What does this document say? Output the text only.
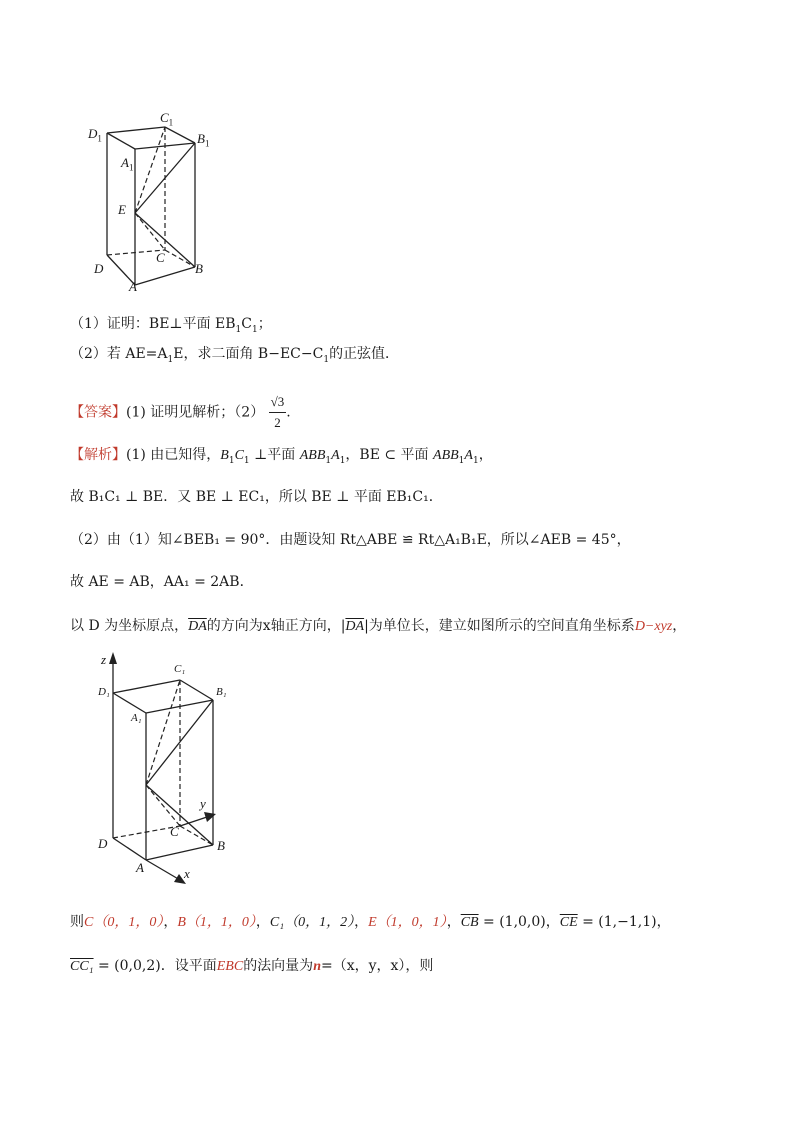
$D_1$
$C_1$
$B_1$
$A_1$
E
C
D	B
A
（1）证明：BE⊥平面 $EB_1C_1$；
（2）若 $AE=A_1E$，求二面角 $B-EC-C_1$的正弦值．
【答案】(1) 证明见解析；$(2) \frac{√3}{2}$ .
【解析】(1) 由已知得，$B_1C_1$ ⊥平面 $ABB_1A_1$，BE ⊂ 平面 $ABB_1A_1$，
故 B₁C₁ ⊥ BE．又 BE ⊥ EC₁，所以 BE ⊥ 平面 EB₁C₁．
（2）由（1）知∠BEB₁ = 90°．由题设知 Rt△ABE ≌ Rt△A₁B₁E，所以∠AEB = 45°，
故 AE = AB，AA₁ = 2AB．
以 D 为坐标原点，$\overline{DA}$的方向为x轴正方向，$|\overline{DA}|$为单位长，建立如图所示的空间直角坐标系D−xyz，
z
C₁
D₁	B₁
A₁
y
D
C
B
A	x
则C（0，1，0），B（1，1，0），C₁（0，1，2），E（1，0，1），$\overline{CB} = (1,0,0)$，$\overline{CE} = (1,-1,1)$，
CC₁ = (0,0,2)．设平面EBC的法向量为n=（x，y，x），则
